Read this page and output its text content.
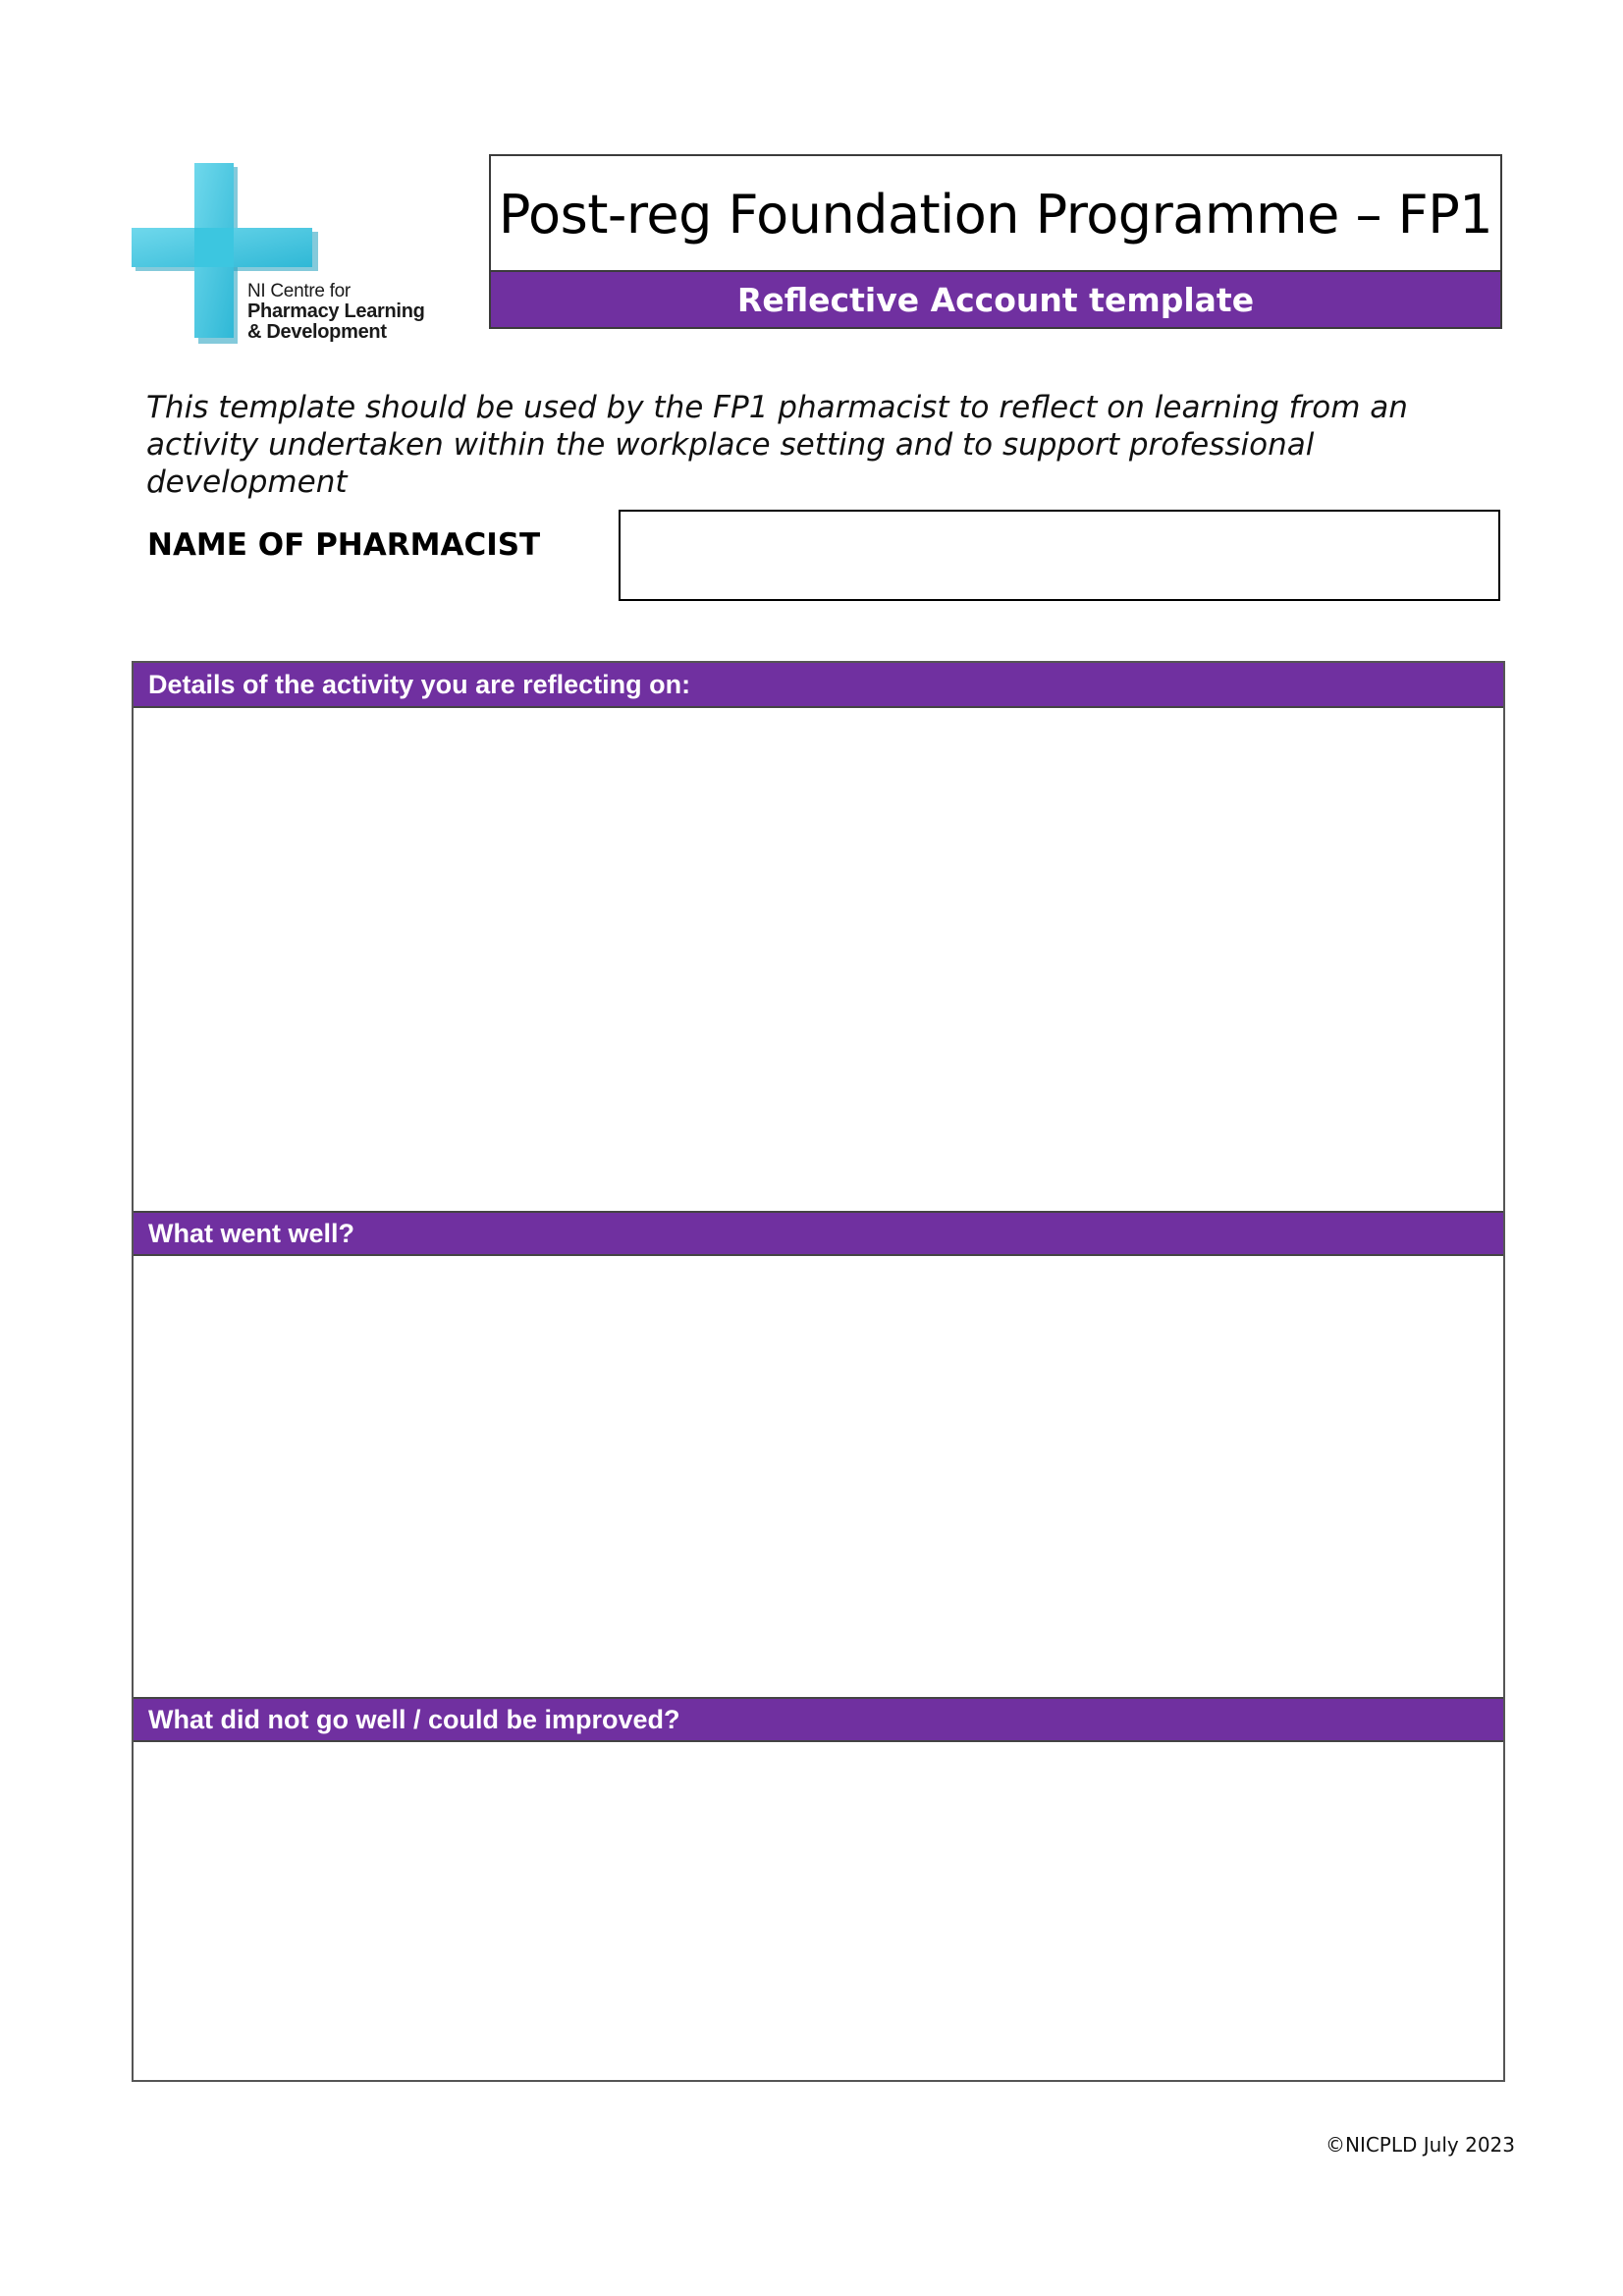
NI Centre for
Pharmacy Learning
& Development
Post-reg Foundation Programme – FP1
Reflective Account template
This template should be used by the FP1 pharmacist to reflect on learning from an activity undertaken within the workplace setting and to support professional development
NAME OF PHARMACIST
Details of the activity you are reflecting on:
What went well?
What did not go well / could be improved?
©NICPLD July 2023
